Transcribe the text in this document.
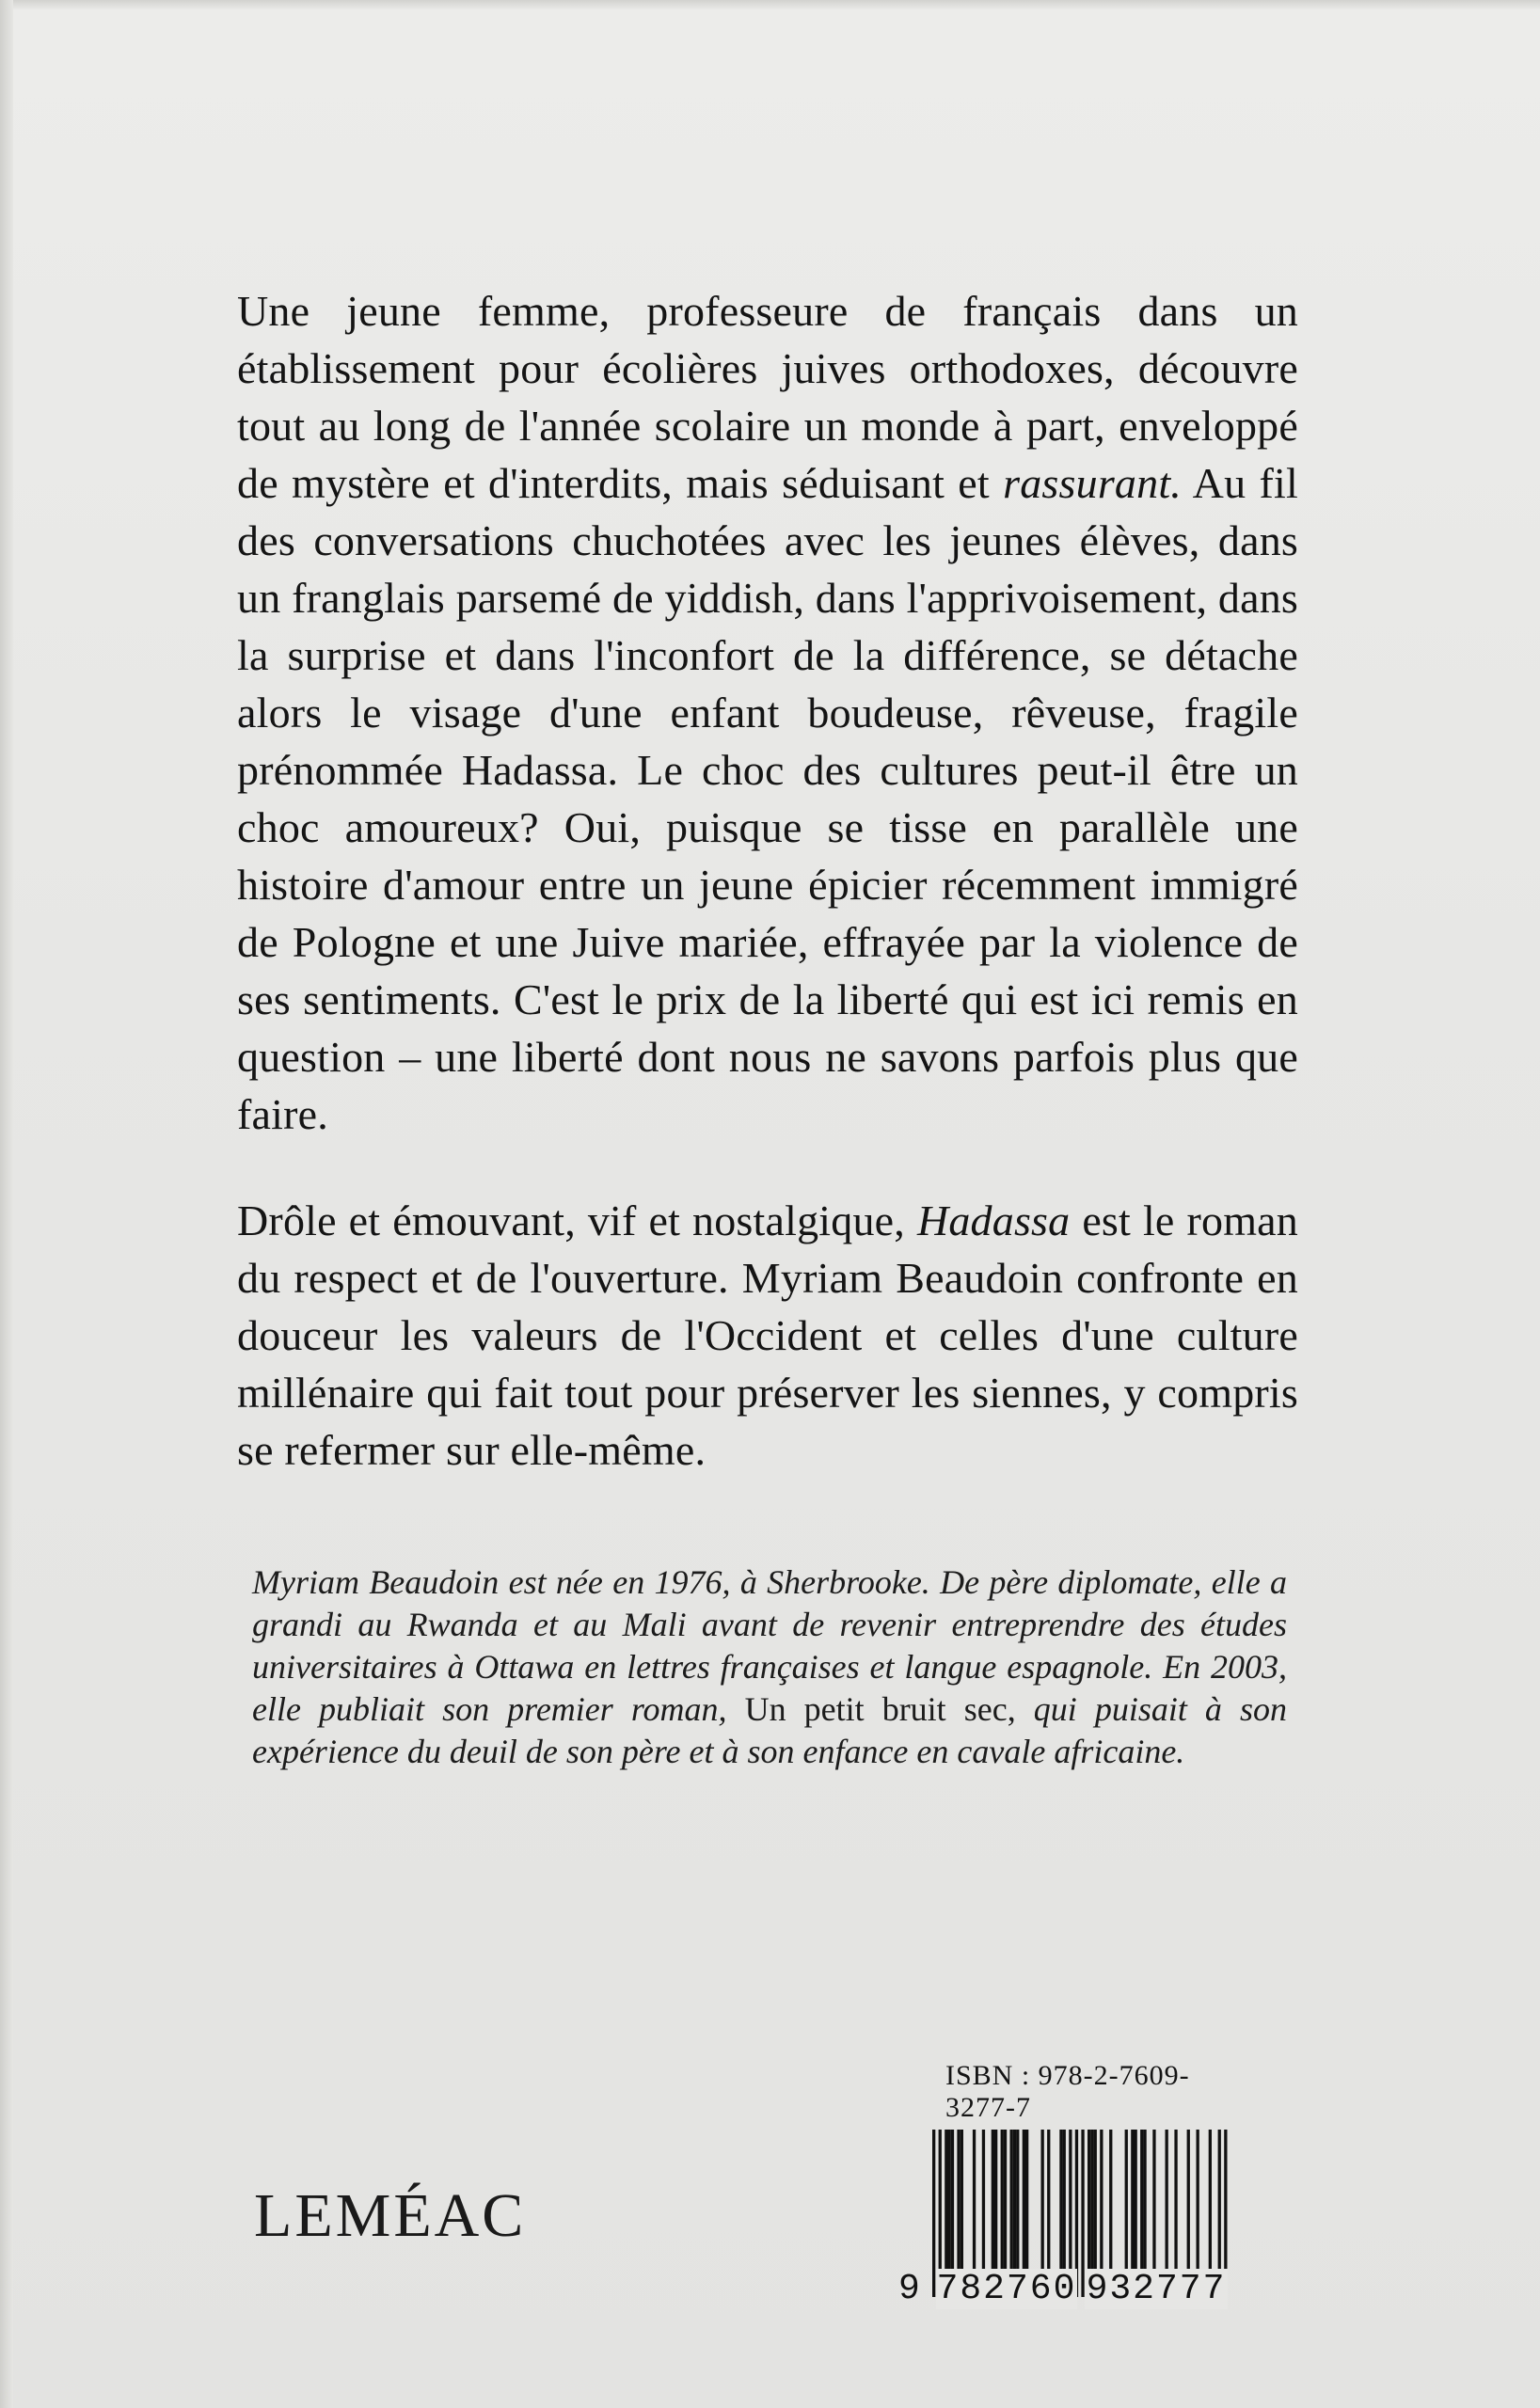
Une jeune femme, professeure de français dans un établissement pour écolières juives orthodoxes, découvre tout au long de l'année scolaire un monde à part, enveloppé de mystère et d'interdits, mais séduisant et rassurant. Au fil des conversations chuchotées avec les jeunes élèves, dans un franglais parsemé de yiddish, dans l'apprivoisement, dans la surprise et dans l'inconfort de la différence, se détache alors le visage d'une enfant boudeuse, rêveuse, fragile prénommée Hadassa. Le choc des cultures peut-il être un choc amoureux? Oui, puisque se tisse en parallèle une histoire d'amour entre un jeune épicier récemment immigré de Pologne et une Juive mariée, effrayée par la violence de ses sentiments. C'est le prix de la liberté qui est ici remis en question – une liberté dont nous ne savons parfois plus que faire.

Drôle et émouvant, vif et nostalgique, Hadassa est le roman du respect et de l'ouverture. Myriam Beaudoin confronte en douceur les valeurs de l'Occident et celles d'une culture millénaire qui fait tout pour préserver les siennes, y compris se refermer sur elle-même.

Myriam Beaudoin est née en 1976, à Sherbrooke. De père diplomate, elle a grandi au Rwanda et au Mali avant de revenir entreprendre des études universitaires à Ottawa en lettres françaises et langue espagnole. En 2003, elle publiait son premier roman, Un petit bruit sec, qui puisait à son expérience du deuil de son père et à son enfance en cavale africaine.
LEMÉAC
ISBN : 978-2-7609-3277-7
9 782760 932777
